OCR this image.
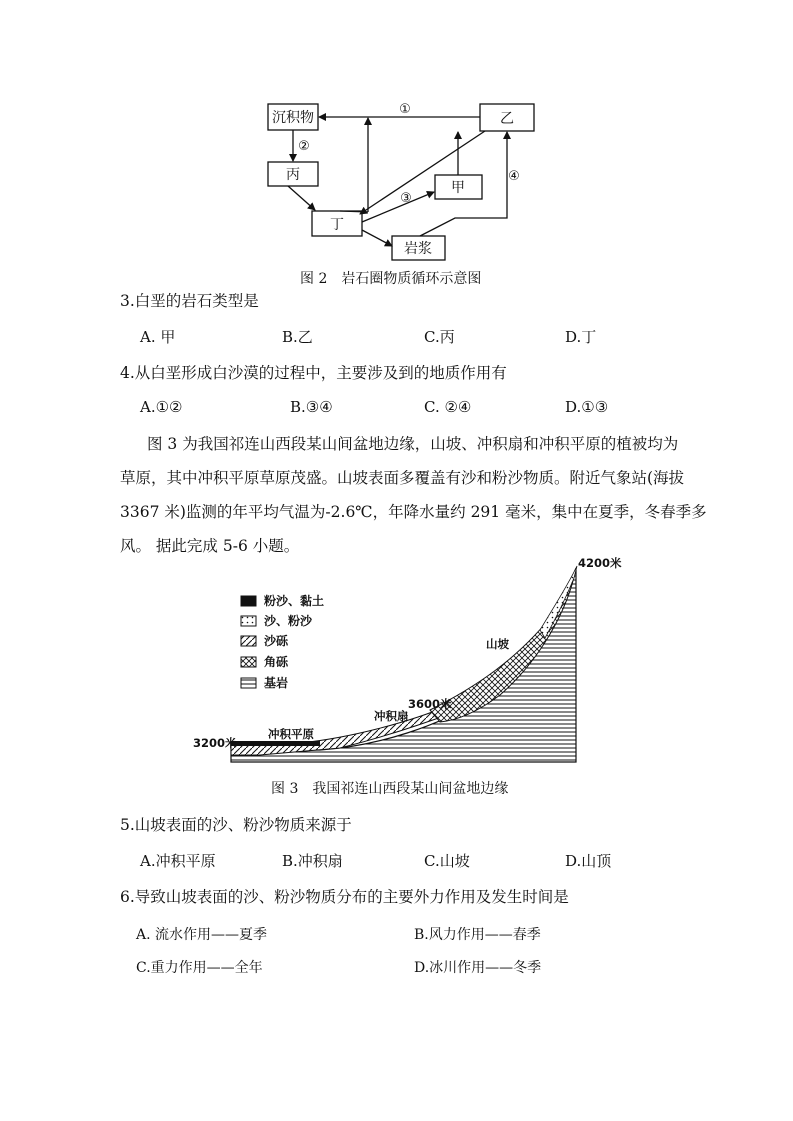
沉积物	乙
丙
甲
丁
岩浆
①
②
③
④
图 2　岩石圈物质循环示意图
3.白垩的岩石类型是
A. 甲	B.乙	C.丙	D.丁
4.从白垩形成白沙漠的过程中，主要涉及到的地质作用有
A.①②	B.③④	C. ②④	D.①③
图 3 为我国祁连山西段某山间盆地边缘，山坡、冲积扇和冲积平原的植被均为
草原，其中冲积平原草原茂盛。山坡表面多覆盖有沙和粉沙物质。附近气象站(海拔
3367 米)监测的年平均气温为-2.6℃，年降水量约 291 毫米，集中在夏季，冬春季多
风。 据此完成 5-6 小题。
粉沙、黏土
沙、粉沙
沙砾
角砾
基岩
4200米
山坡
3600米
冲积扇
冲积平原
3200米
图 3　我国祁连山西段某山间盆地边缘
5.山坡表面的沙、粉沙物质来源于
A.冲积平原	B.冲积扇	C.山坡	D.山顶
6.导致山坡表面的沙、粉沙物质分布的主要外力作用及发生时间是
A. 流水作用——夏季	B.风力作用——春季
C.重力作用——全年	D.冰川作用——冬季
